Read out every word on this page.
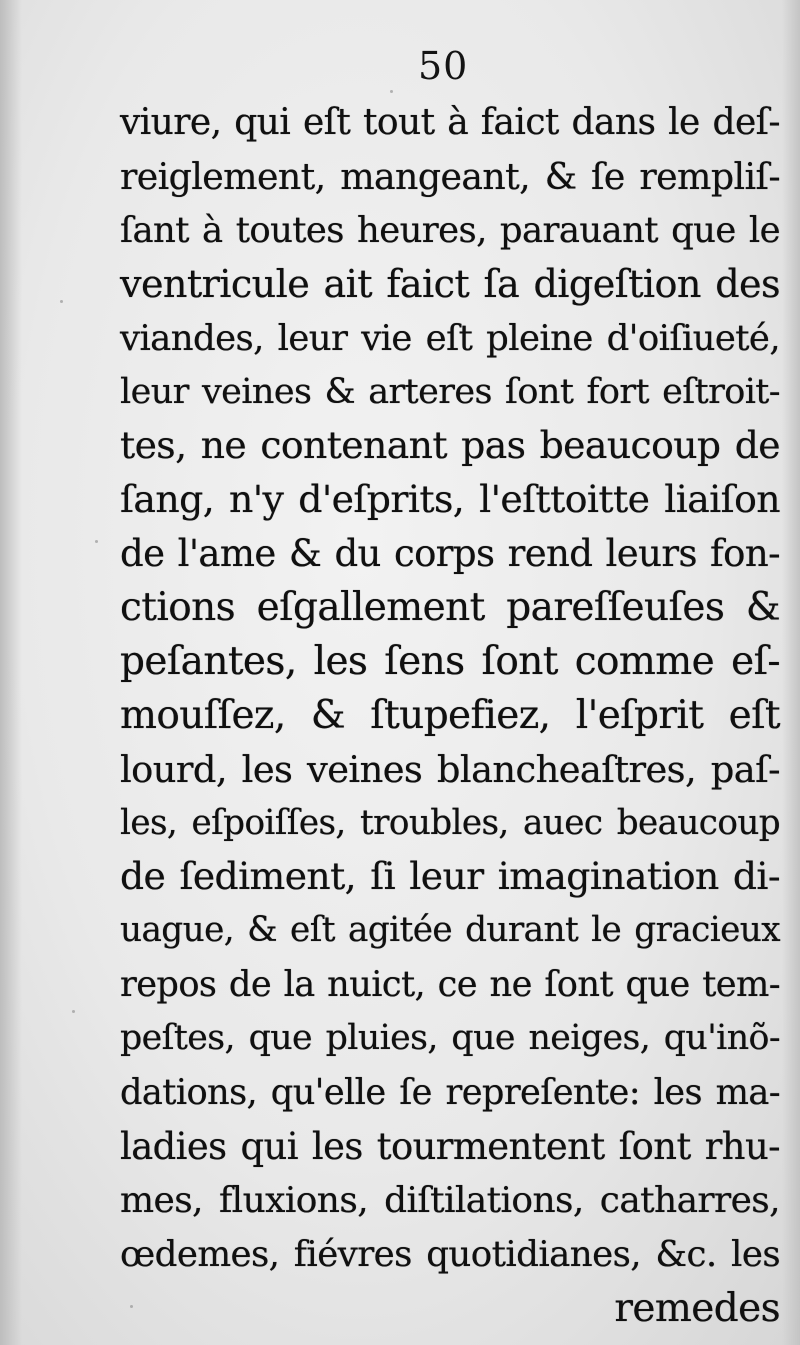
50
viure, qui eſt tout à faict dans le deſ-
reiglement, mangeant, & ſe rempliſ-
ſant à toutes heures, parauant que le
ventricule ait faict ſa digeſtion des
viandes, leur vie eſt pleine d'oiſiueté,
leur veines & arteres ſont fort eſtroit-
tes, ne contenant pas beaucoup de
ſang, n'y d'eſprits, l'eſttoitte liaiſon
de l'ame & du corps rend leurs fon-
ctions eſgallement pareſſeuſes &
peſantes, les ſens ſont comme eſ-
mouſſez, & ſtupefiez, l'eſprit eſt
lourd, les veines blancheaſtres, paſ-
les, eſpoiſſes, troubles, auec beaucoup
de ſediment, ſi leur imagination di-
uague, & eſt agitée durant le gracieux
repos de la nuict, ce ne ſont que tem-
peſtes, que pluies, que neiges, qu'inõ-
dations, qu'elle ſe repreſente: les ma-
ladies qui les tourmentent ſont rhu-
mes, fluxions, diſtilations, catharres,
œdemes, fiévres quotidianes, &c. les
remedes
